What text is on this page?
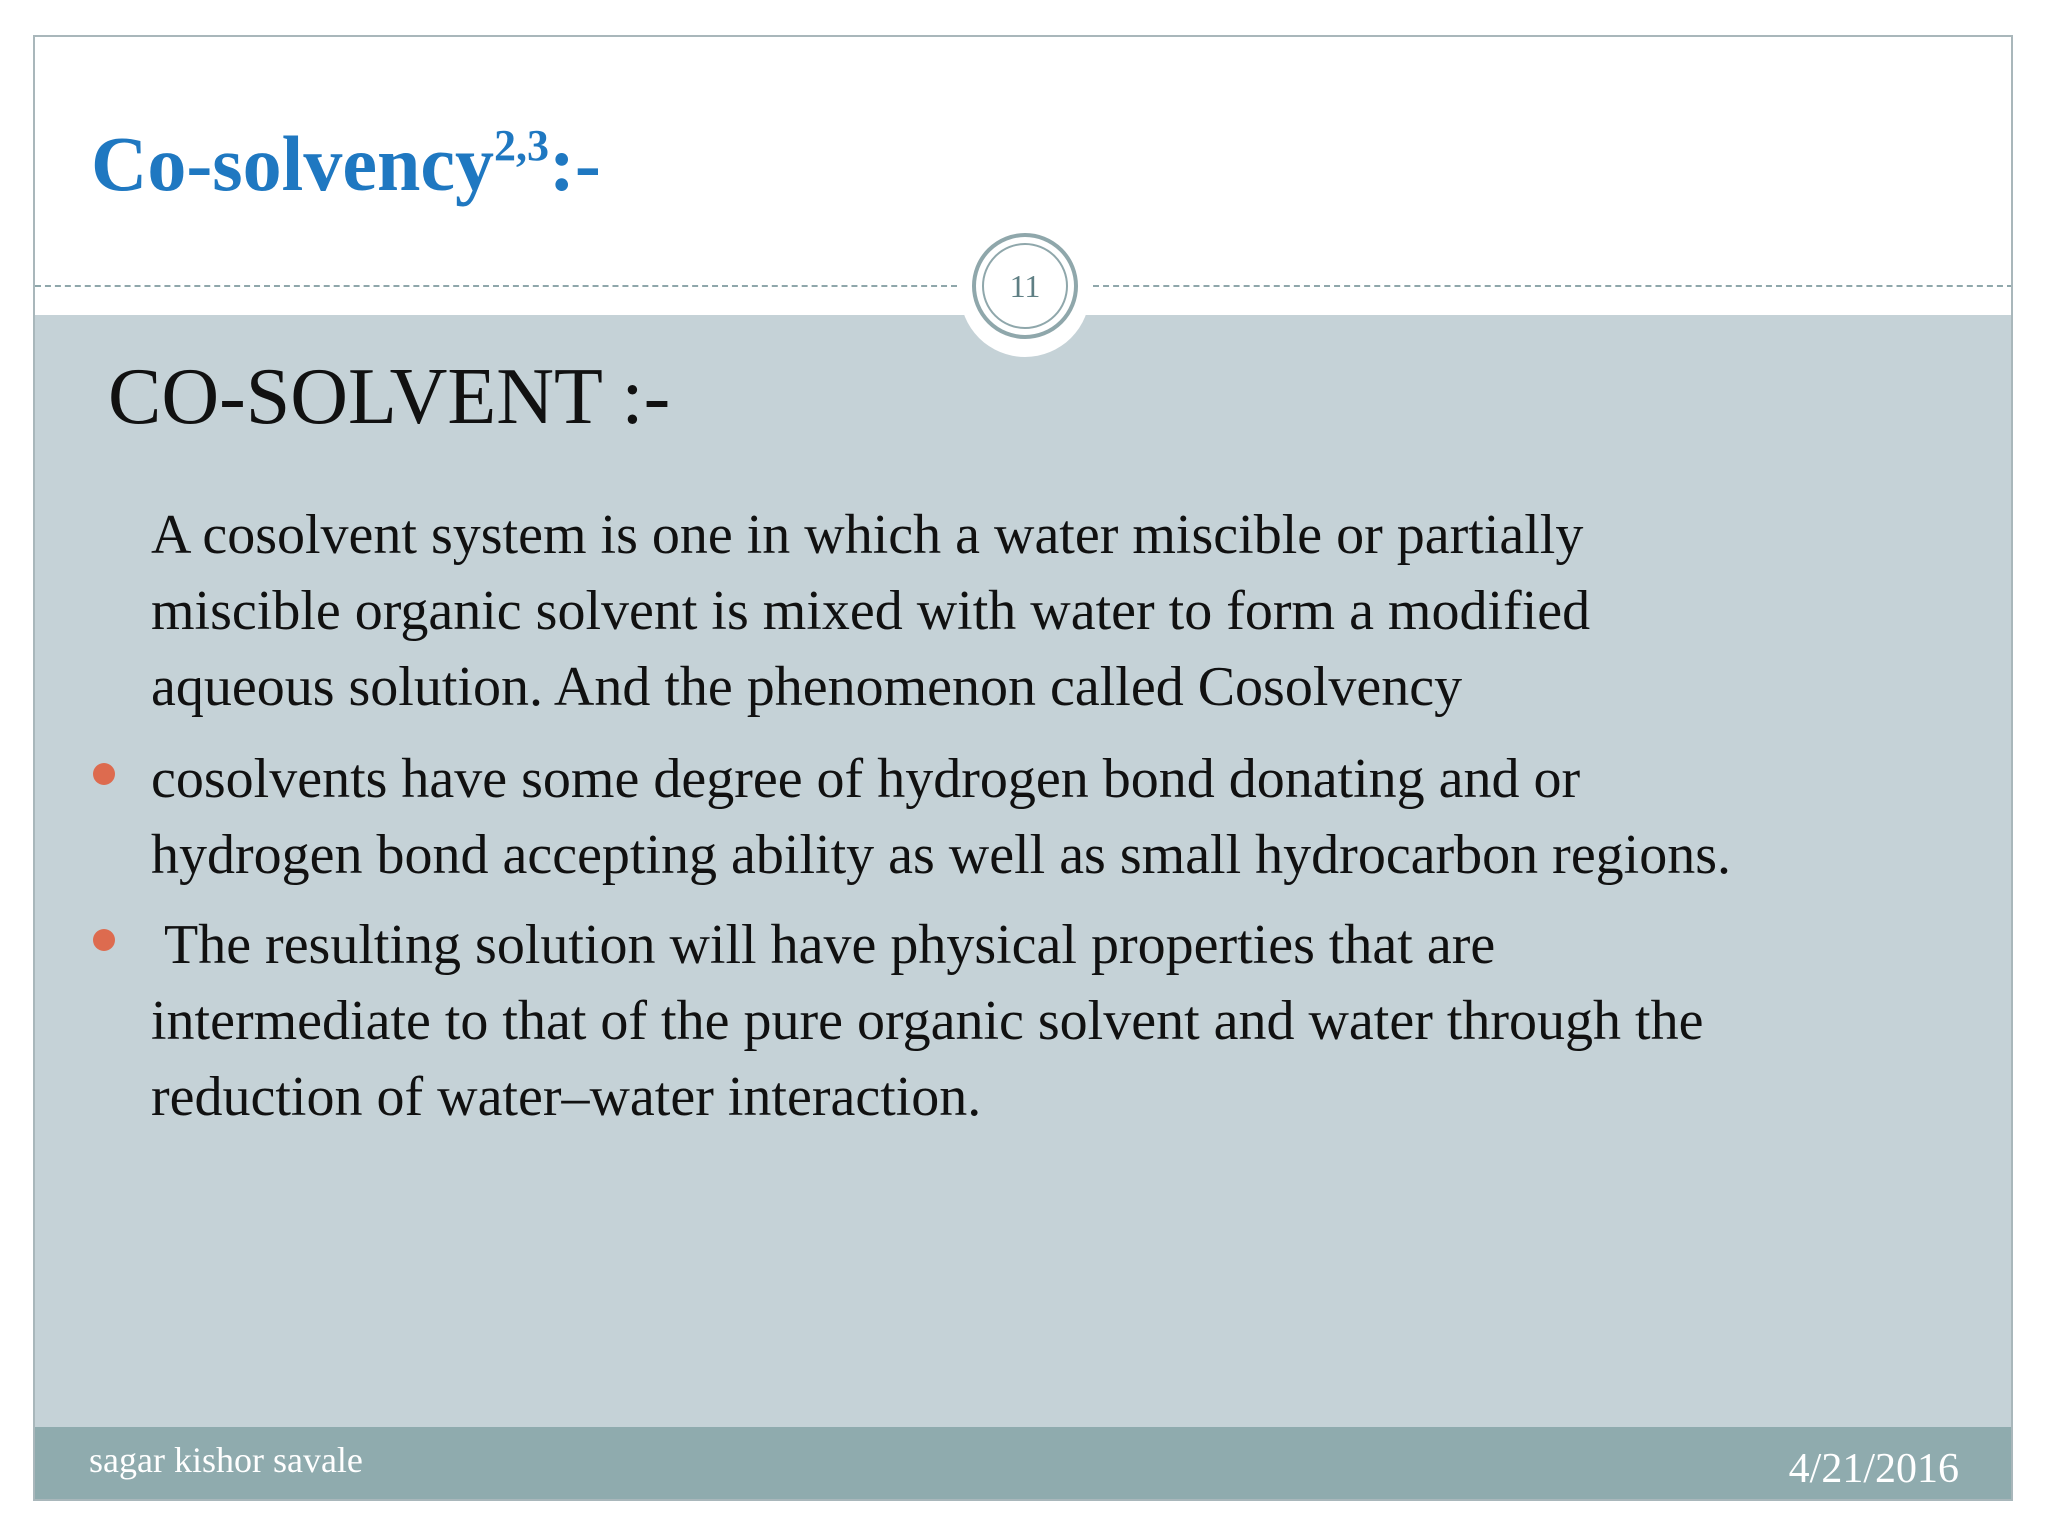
Co-solvency$^{2,3}$:-
11
CO-SOLVENT :-

A cosolvent system is one in which a water miscible or partially
miscible organic solvent is mixed with water to form a modified
aqueous solution. And the phenomenon called Cosolvency

cosolvents have some degree of hydrogen bond donating and or
hydrogen bond accepting ability as well as small hydrocarbon regions.

The resulting solution will have physical properties that are
intermediate to that of the pure organic solvent and water through the
reduction of water–water interaction.

sagar kishor savale	4/21/2016
